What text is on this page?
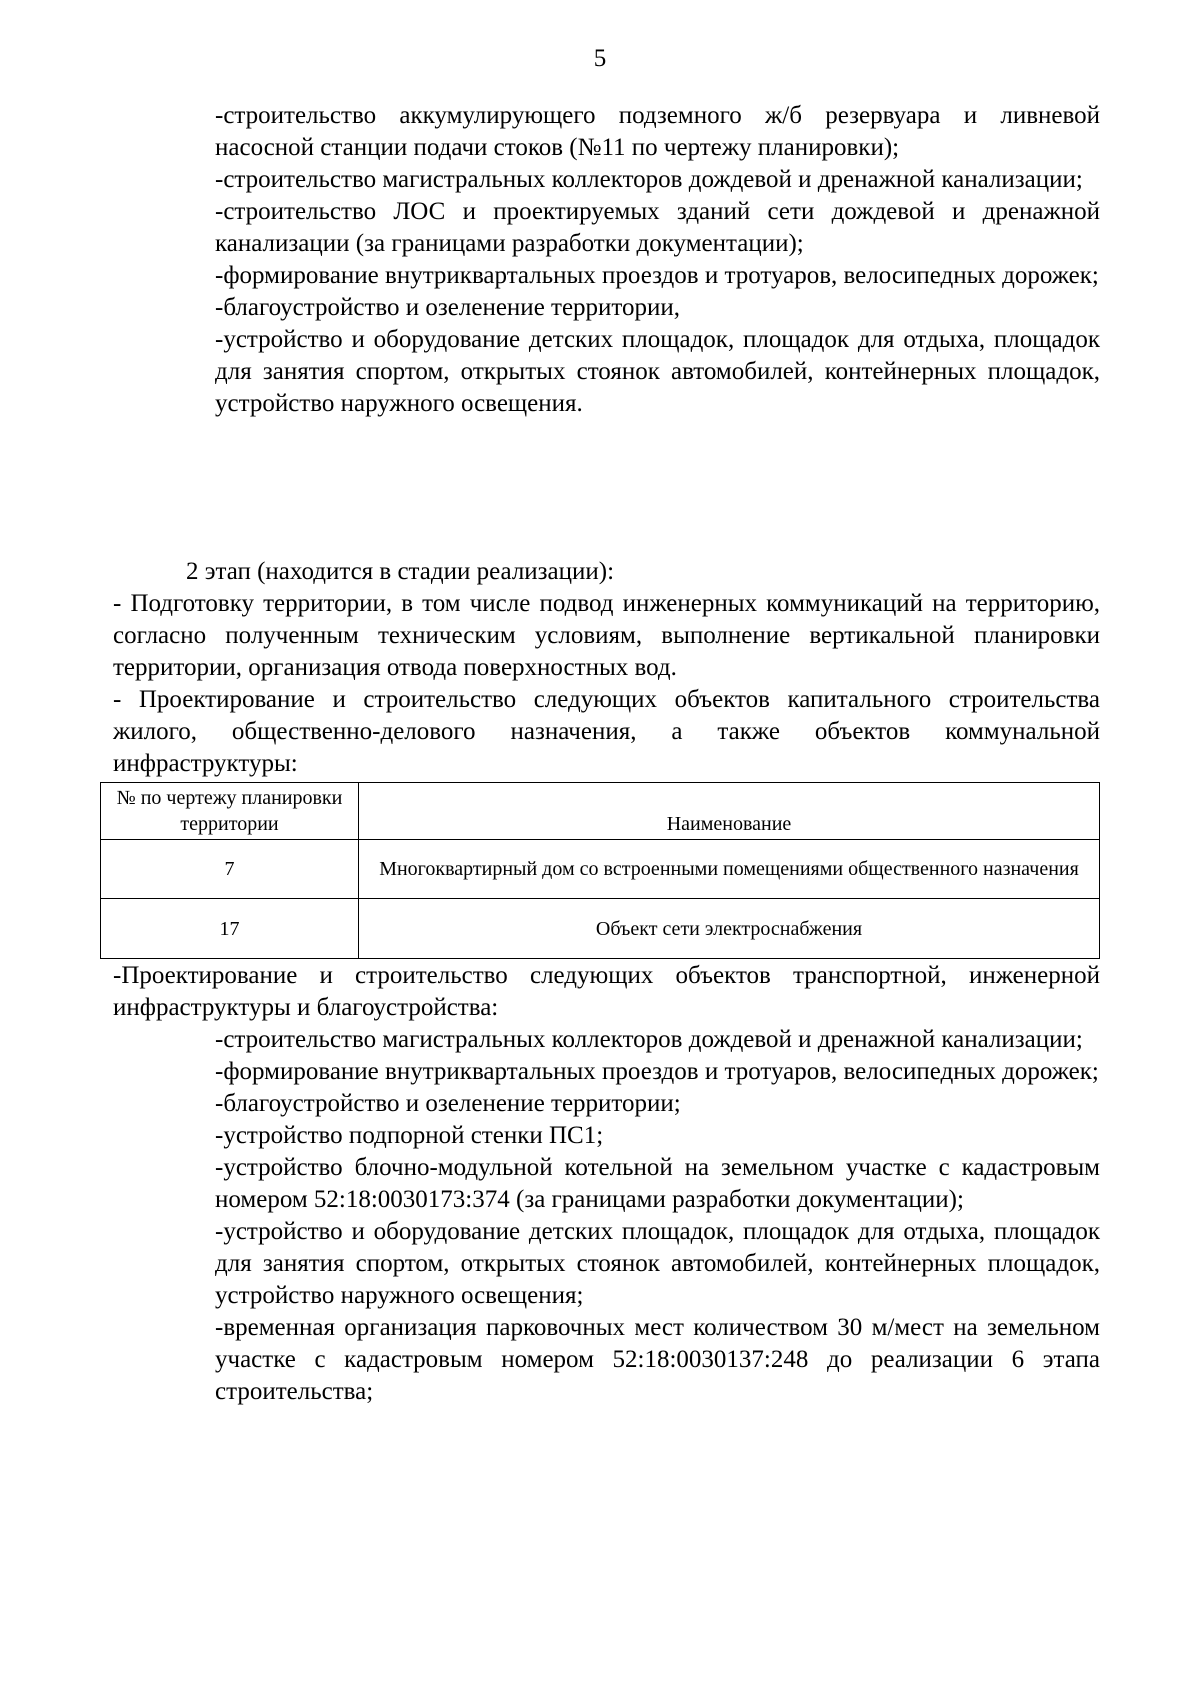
5

-строительство аккумулирующего подземного ж/б резервуара и ливневой насосной станции подачи стоков (№11 по чертежу планировки);

-строительство магистральных коллекторов дождевой и дренажной канализации;

-строительство ЛОС и проектируемых зданий сети дождевой и дренажной канализации (за границами разработки документации);

-формирование внутриквартальных проездов и тротуаров, велосипедных дорожек;

-благоустройство и озеленение территории,

-устройство и оборудование детских площадок, площадок для отдыха, площадок для занятия спортом, открытых стоянок автомобилей, контейнерных площадок, устройство наружного освещения.

2 этап (находится в стадии реализации):

- Подготовку территории, в том числе подвод инженерных коммуникаций на территорию, согласно полученным техническим условиям, выполнение вертикальной планировки территории, организация отвода поверхностных вод.

- Проектирование и строительство следующих объектов капитального строительства жилого, общественно-делового назначения, а также объектов коммунальной инфраструктуры:

№ по чертежу планировки территории	Наименование
7	Многоквартирный дом со встроенными помещениями общественного назначения
17	Объект сети электроснабжения

-Проектирование и строительство следующих объектов транспортной, инженерной инфраструктуры и благоустройства:

-строительство магистральных коллекторов дождевой и дренажной канализации;

-формирование внутриквартальных проездов и тротуаров, велосипедных дорожек;

-благоустройство и озеленение территории;

-устройство подпорной стенки ПС1;

-устройство блочно-модульной котельной на земельном участке с кадастровым номером 52:18:0030173:374 (за границами разработки документации);

-устройство и оборудование детских площадок, площадок для отдыха, площадок для занятия спортом, открытых стоянок автомобилей, контейнерных площадок, устройство наружного освещения;

-временная организация парковочных мест количеством 30 м/мест на земельном участке с кадастровым номером 52:18:0030137:248 до реализации 6 этапа строительства;
